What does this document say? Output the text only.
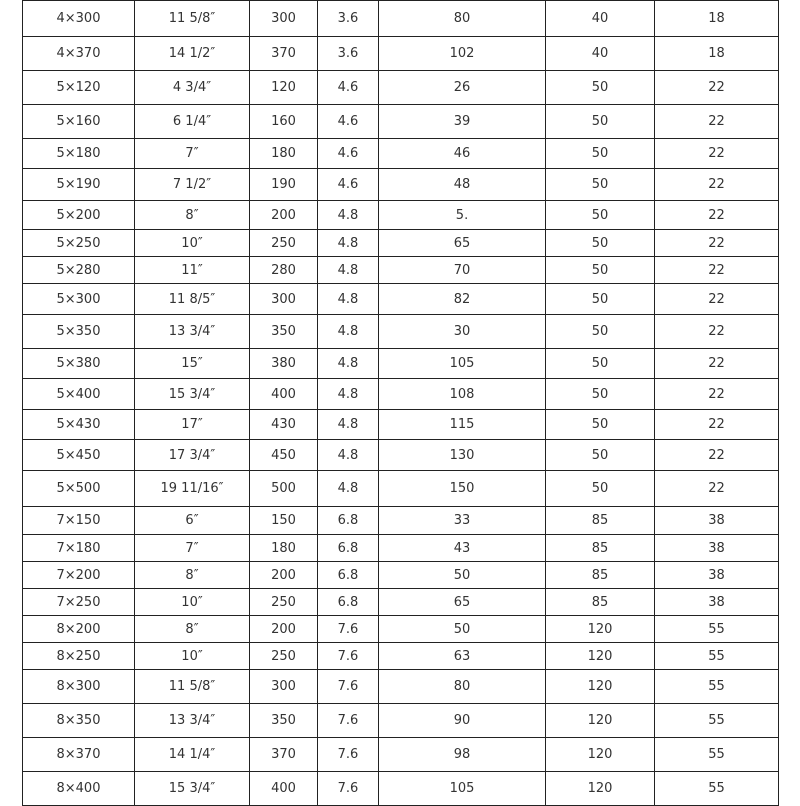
4×300	11 5/8″	300	3.6	80	40	18
4×370	14 1/2″	370	3.6	102	40	18
5×120	4 3/4″	120	4.6	26	50	22
5×160	6 1/4″	160	4.6	39	50	22
5×180	7″	180	4.6	46	50	22
5×190	7 1/2″	190	4.6	48	50	22
5×200	8″	200	4.8	5.	50	22
5×250	10″	250	4.8	65	50	22
5×280	11″	280	4.8	70	50	22
5×300	11 8/5″	300	4.8	82	50	22
5×350	13 3/4″	350	4.8	30	50	22
5×380	15″	380	4.8	105	50	22
5×400	15 3/4″	400	4.8	108	50	22
5×430	17″	430	4.8	115	50	22
5×450	17 3/4″	450	4.8	130	50	22
5×500	19 11/16″	500	4.8	150	50	22
7×150	6″	150	6.8	33	85	38
7×180	7″	180	6.8	43	85	38
7×200	8″	200	6.8	50	85	38
7×250	10″	250	6.8	65	85	38
8×200	8″	200	7.6	50	120	55
8×250	10″	250	7.6	63	120	55
8×300	11 5/8″	300	7.6	80	120	55
8×350	13 3/4″	350	7.6	90	120	55
8×370	14 1/4″	370	7.6	98	120	55
8×400	15 3/4″	400	7.6	105	120	55
